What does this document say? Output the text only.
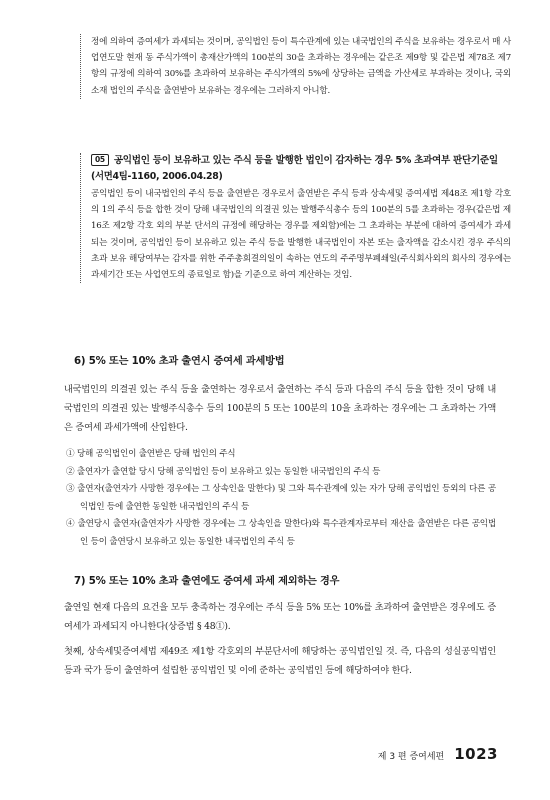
정에 의하여 증여세가 과세되는 것이며, 공익법인 등이 특수관계에 있는 내국법인의 주식을 보유하는 경우로서 매 사업연도말 현재 동 주식가액이 총재산가액의 100분의 30을 초과하는 경우에는 같은조 제9항 및 같은법 제78조 제7항의 규정에 의하여 30%를 초과하여 보유하는 주식가액의 5%에 상당하는 금액을 가산세로 부과하는 것이나, 국외소재 법인의 주식을 출연받아 보유하는 경우에는 그러하지 아니함.

05 공익법인 등이 보유하고 있는 주식 등을 발행한 법인이 감자하는 경우 5% 초과여부 판단기준일

(서면4팀-1160, 2006.04.28)

공익법인 등이 내국법인의 주식 등을 출연받은 경우로서 출연받은 주식 등과 상속세및 증여세법 제48조 제1항 각호의 1의 주식 등을 합한 것이 당해 내국법인의 의결권 있는 발행주식총수 등의 100분의 5를 초과하는 경우(같은법 제16조 제2항 각호 외의 부분 단서의 규정에 해당하는 경우를 제외함)에는 그 초과하는 부분에 대하여 증여세가 과세되는 것이며, 공익법인 등이 보유하고 있는 주식 등을 발행한 내국법인이 자본 또는 출자액을 감소시킨 경우 주식의 초과 보유 해당여부는 감자를 위한 주주총회결의일이 속하는 연도의 주주명부폐쇄일(주식회사외의 회사의 경우에는 과세기간 또는 사업연도의 종료일로 함)을 기준으로 하여 계산하는 것임.

6) 5% 또는 10% 초과 출연시 증여세 과세방법

내국법인의 의결권 있는 주식 등을 출연하는 경우로서 출연하는 주식 등과 다음의 주식 등을 합한 것이 당해 내국법인의 의결권 있는 발행주식총수 등의 100분의 5 또는 100분의 10을 초과하는 경우에는 그 초과하는 가액은 증여세 과세가액에 산입한다.

① 당해 공익법인이 출연받은 당해 법인의 주식
② 출연자가 출연할 당시 당해 공익법인 등이 보유하고 있는 동일한 내국법인의 주식 등
③ 출연자(출연자가 사망한 경우에는 그 상속인을 말한다) 및 그와 특수관계에 있는 자가 당해 공익법인 등외의 다른 공익법인 등에 출연한 동일한 내국법인의 주식 등
④ 출연당시 출연자(출연자가 사망한 경우에는 그 상속인을 말한다)와 특수관계자로부터 재산을 출연받은 다른 공익법인 등이 출연당시 보유하고 있는 동일한 내국법인의 주식 등
7) 5% 또는 10% 초과 출연에도 증여세 과세 제외하는 경우

출연일 현재 다음의 요건을 모두 충족하는 경우에는 주식 등을 5% 또는 10%를 초과하여 출연받은 경우에도 증여세가 과세되지 아니한다(상증법 § 48①).

첫째, 상속세및증여세법 제49조 제1항 각호외의 부분단서에 해당하는 공익법인일 것. 즉, 다음의 성실공익법인 등과 국가 등이 출연하여 설립한 공익법인 및 이에 준하는 공익법인 등에 해당하여야 한다.

제 3 편 증여세편 1023
